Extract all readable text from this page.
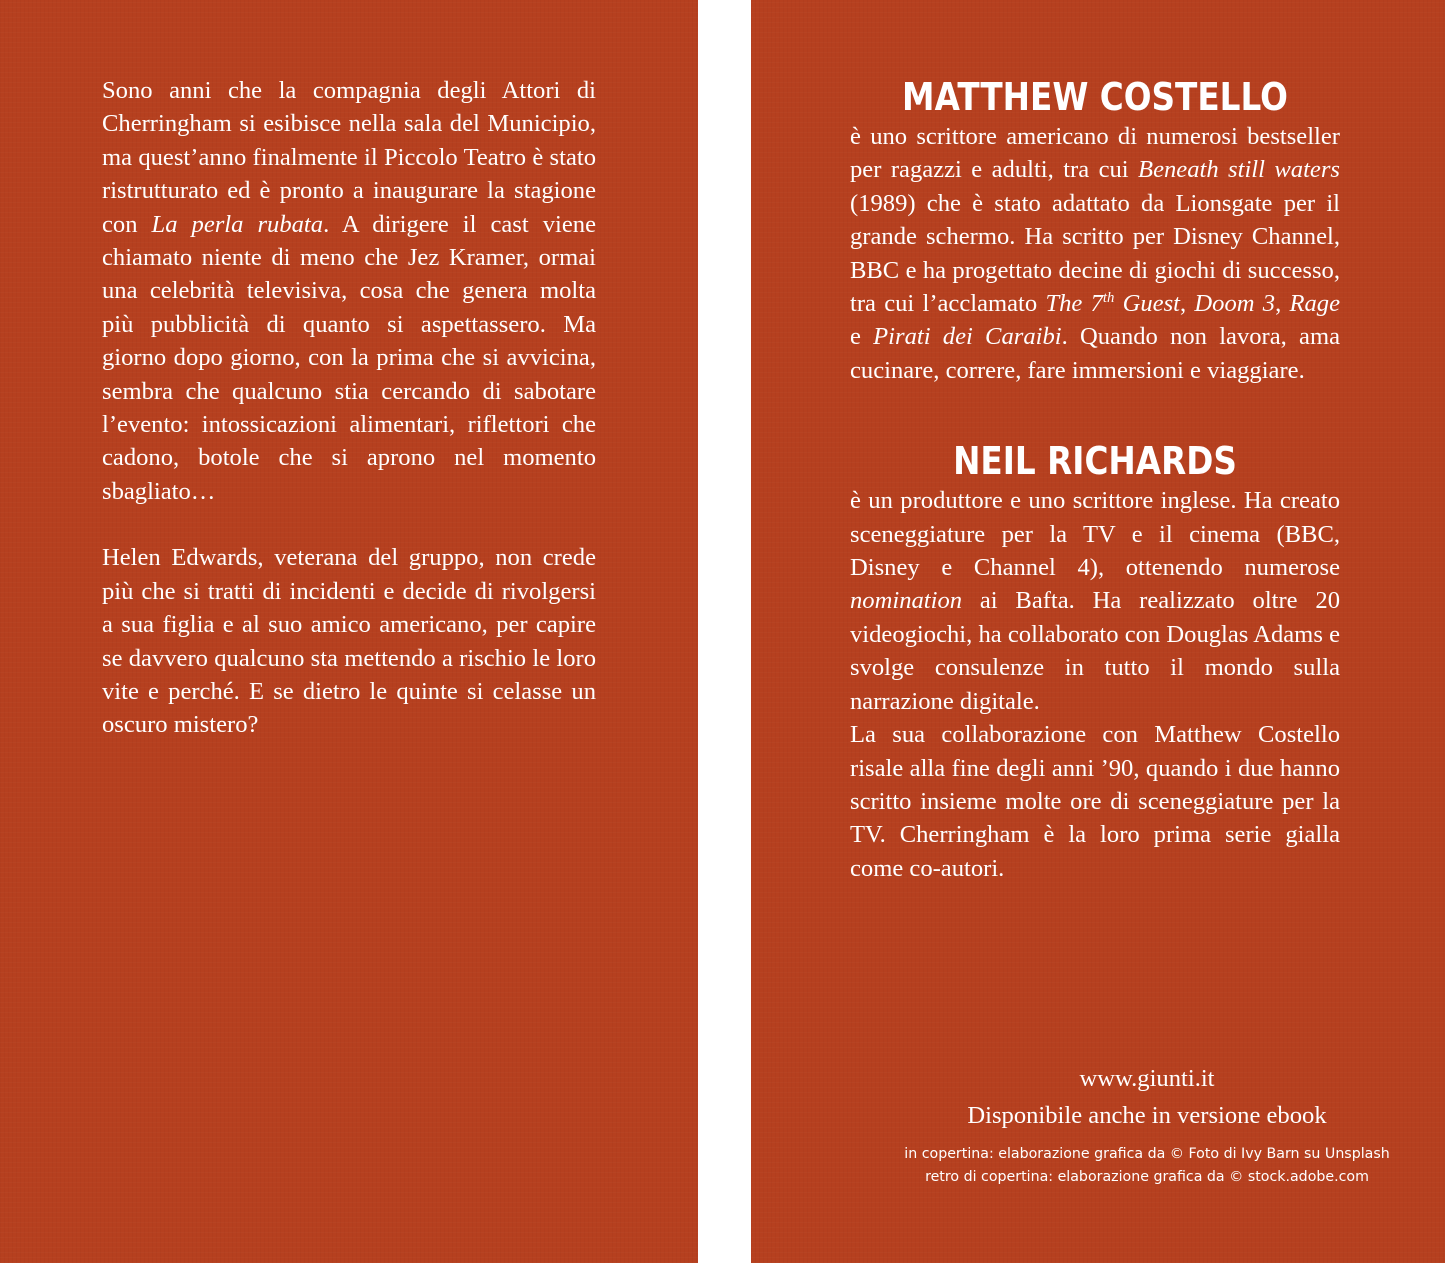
Sono anni che la compagnia degli Attori di Cherringham si esibisce nella sala del Municipio, ma quest’anno finalmente il Piccolo Teatro è stato ristrutturato ed è pronto a inaugurare la stagione con La perla rubata. A dirigere il cast viene chiamato niente di meno che Jez Kramer, ormai una celebrità televisiva, cosa che genera molta più pubblicità di quanto si aspettassero. Ma giorno dopo giorno, con la prima che si avvicina, sembra che qualcuno stia cercando di sabotare l’evento: intossicazioni alimentari, riflettori che cadono, botole che si aprono nel momento sbagliato…

Helen Edwards, veterana del gruppo, non crede più che si tratti di incidenti e decide di rivolgersi a sua figlia e al suo amico americano, per capire se davvero qualcuno sta mettendo a rischio le loro vite e perché. E se dietro le quinte si celasse un oscuro mistero?

MATTHEW COSTELLO

è uno scrittore americano di numerosi bestseller per ragazzi e adulti, tra cui Beneath still waters (1989) che è stato adattato da Lionsgate per il grande schermo. Ha scritto per Disney Channel, BBC e ha progettato decine di giochi di successo, tra cui l’acclamato The 7th Guest, Doom 3, Rage e Pirati dei Caraibi. Quando non lavora, ama cucinare, correre, fare immersioni e viaggiare.

NEIL RICHARDS

è un produttore e uno scrittore inglese. Ha creato sceneggiature per la TV e il cinema (BBC, Disney e Channel 4), ottenendo numerose nomination ai Bafta. Ha realizzato oltre 20 videogiochi, ha collaborato con Douglas Adams e svolge consulenze in tutto il mondo sulla narrazione digitale.

La sua collaborazione con Matthew Costello risale alla fine degli anni ’90, quando i due hanno scritto insieme molte ore di sceneggiature per la TV. Cherringham è la loro prima serie gialla come co-autori.

www.giunti.it
Disponibile anche in versione ebook
in copertina: elaborazione grafica da © Foto di Ivy Barn su Unsplash
retro di copertina: elaborazione grafica da © stock.adobe.com
